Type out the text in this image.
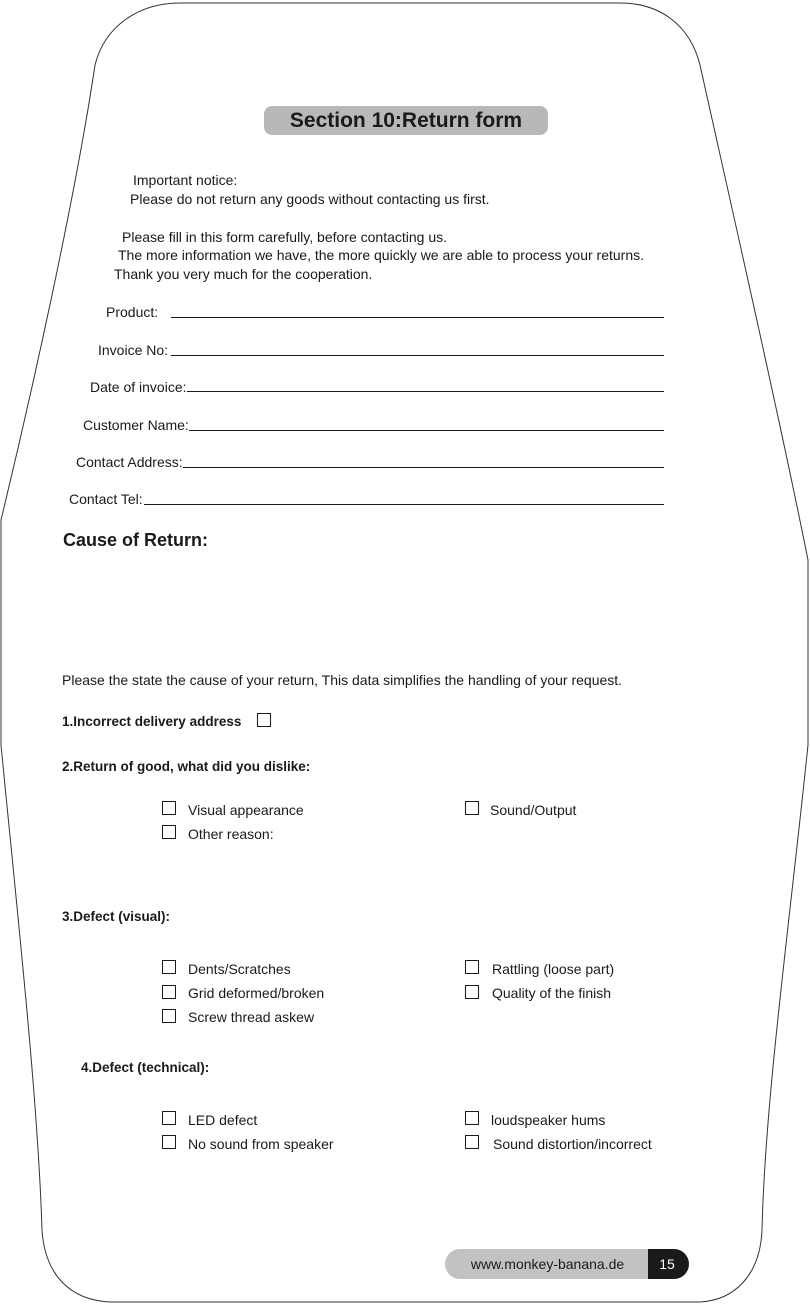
Section 10:Return form
Important notice:
Please do not return any goods without contacting us first.
Please fill in this form carefully, before contacting us.
The more information we have, the more quickly we are able to process your returns.
Thank you very much for the cooperation.
Product:
Invoice No:
Date of invoice:
Customer Name:
Contact Address:
Contact Tel:
Cause of Return:
Please the state the cause of your return, This data simplifies the handling of your request.
1.Incorrect delivery address
2.Return of good, what did you dislike:
Visual appearance	Sound/Output
Other reason:
3.Defect (visual):
Dents/Scratches	Rattling (loose part)
Grid deformed/broken	Quality of the finish
Screw thread askew
4.Defect (technical):
LED defect	loudspeaker hums
No sound from speaker	Sound distortion/incorrect
www.monkey-banana.de	15
